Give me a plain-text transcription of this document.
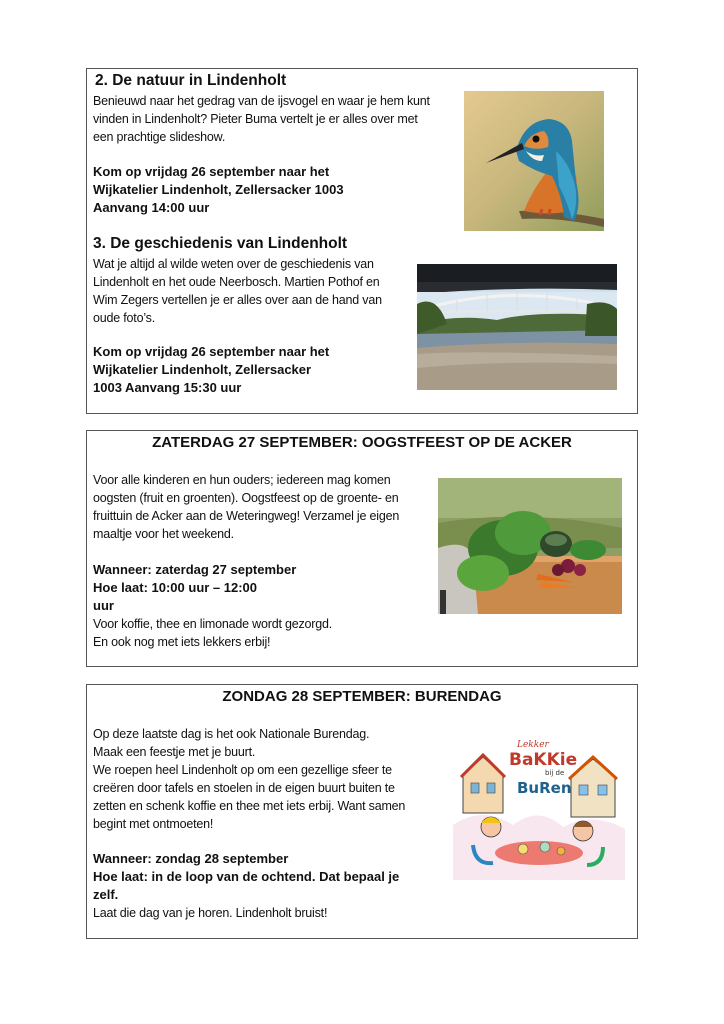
2. De natuur in Lindenholt
Benieuwd naar het gedrag van de ijsvogel en waar je hem kunt
vinden in Lindenholt? Pieter Buma vertelt je er alles over met
een prachtige slideshow.
Kom op vrijdag 26 september naar het
Wijkatelier Lindenholt, Zellersacker 1003
Aanvang 14:00 uur
3. De geschiedenis van Lindenholt
Wat je altijd al wilde weten over de geschiedenis van
Lindenholt en het oude Neerbosch. Martien Pothof en
Wim Zegers vertellen je er alles over aan de hand van
oude foto’s.
Kom op vrijdag 26 september naar het
Wijkatelier Lindenholt, Zellersacker
1003 Aanvang 15:30 uur
ZATERDAG 27 SEPTEMBER: OOGSTFEEST OP DE ACKER
Voor alle kinderen en hun ouders; iedereen mag komen
oogsten (fruit en groenten). Oogstfeest op de groente- en
fruittuin de Acker aan de Weteringweg! Verzamel je eigen
maaltje voor het weekend.
Wanneer: zaterdag 27 september
Hoe laat: 10:00 uur – 12:00
uur
Voor koffie, thee en limonade wordt gezorgd.
En ook nog met iets lekkers erbij!
ZONDAG 28 SEPTEMBER: BURENDAG
Op deze laatste dag is het ook Nationale Burendag.
Maak een feestje met je buurt.
We roepen heel Lindenholt op om een gezellige sfeer te
creëren door tafels en stoelen in de eigen buurt buiten te
zetten en schenk koffie en thee met iets erbij. Want samen
begint met ontmoeten!
Wanneer: zondag 28 september
Hoe laat: in de loop van de ochtend. Dat bepaal je
zelf.
Laat die dag van je horen. Lindenholt bruist!
Lekker
BaKKie
bij de
BuRen
